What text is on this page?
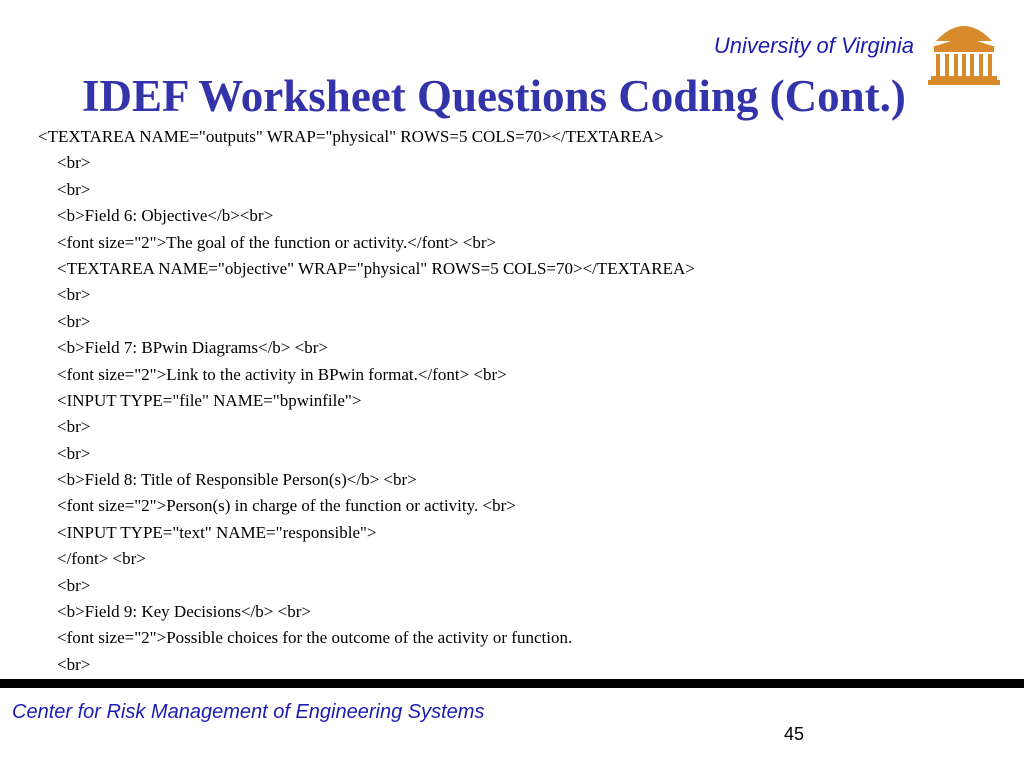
University of Virginia
IDEF Worksheet Questions Coding (Cont.)
<TEXTAREA NAME="outputs" WRAP="physical" ROWS=5 COLS=70></TEXTAREA>
<br>
<br>
<b>Field 6: Objective</b><br>
<font size="2">The goal of the function or activity.</font> <br>
<TEXTAREA NAME="objective" WRAP="physical" ROWS=5 COLS=70></TEXTAREA>
<br>
<br>
<b>Field 7: BPwin Diagrams</b> <br>
<font size="2">Link to the activity in BPwin format.</font> <br>
<INPUT TYPE="file" NAME="bpwinfile">
<br>
<br>
<b>Field 8: Title of Responsible Person(s)</b> <br>
<font size="2">Person(s) in charge of the function or activity. <br>
<INPUT TYPE="text" NAME="responsible">
</font> <br>
<br>
<b>Field 9: Key Decisions</b> <br>
<font size="2">Possible choices for the outcome of the activity or function.
<br>
Center for Risk Management of Engineering Systems
45
